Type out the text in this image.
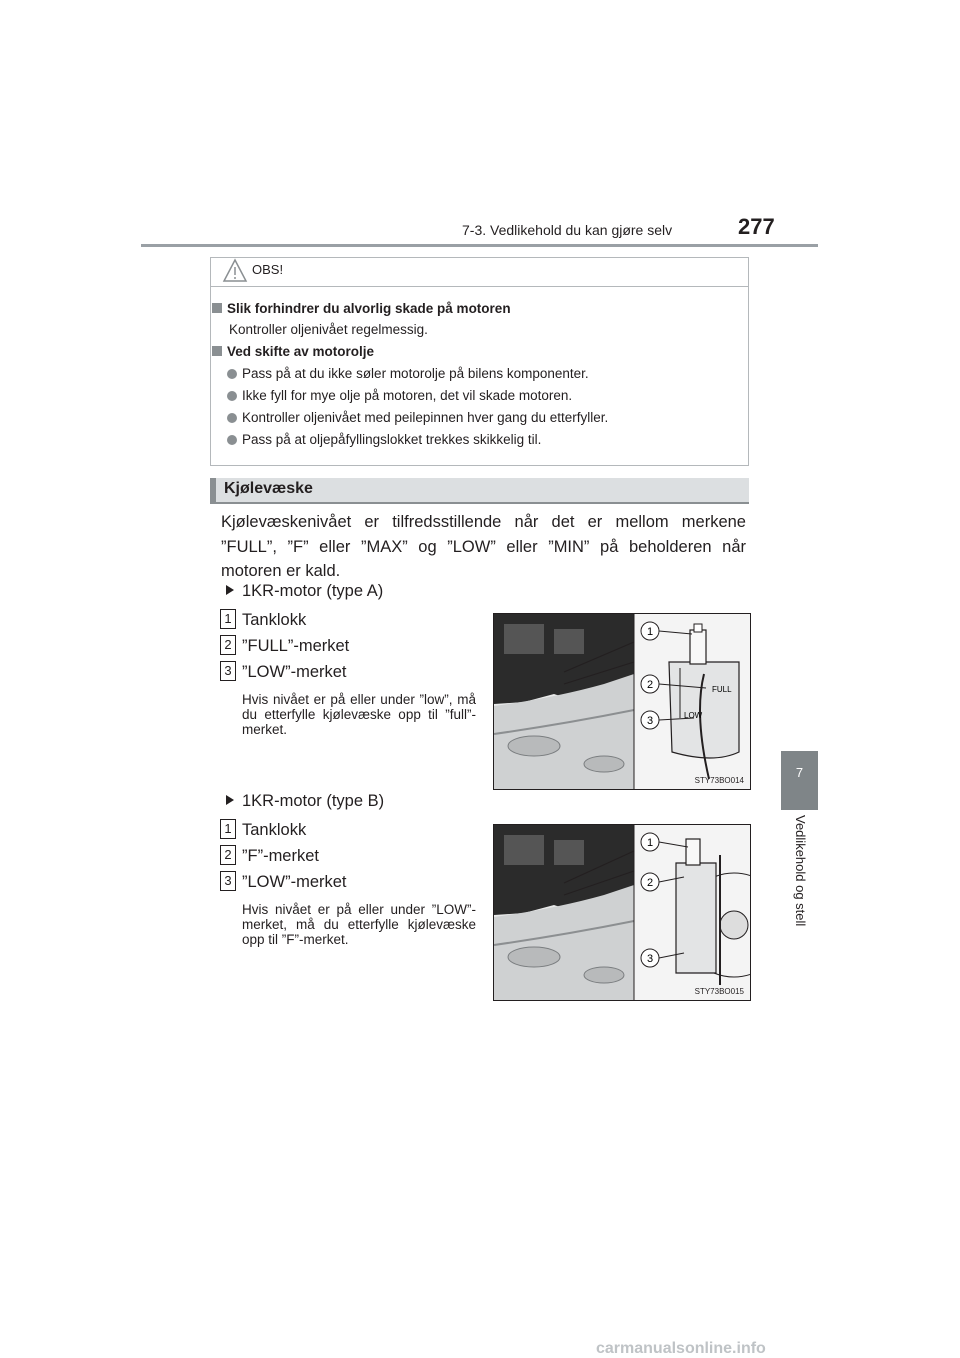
7-3. Vedlikehold du kan gjøre selv	277
7
Vedlikehold og stell
OBS!
Slik forhindrer du alvorlig skade på motoren
Kontroller oljenivået regelmessig.
Ved skifte av motorolje
Pass på at du ikke søler motorolje på bilens komponenter.
Ikke fyll for mye olje på motoren, det vil skade motoren.
Kontroller oljenivået med peilepinnen hver gang du etterfyller.
Pass på at oljepåfyllingslokket trekkes skikkelig til.
Kjølevæske
Kjølevæskenivået er tilfredsstillende når det er mellom merkene ”FULL”, ”F” eller ”MAX” og ”LOW” eller ”MIN” på beholderen når motoren er kald.
1KR-motor (type A)
1 Tanklokk
2 ”FULL”-merket
3 ”LOW”-merket
Hvis nivået er på eller under ”low”, må du etterfylle kjølevæske opp til ”full”-merket.
1
2
3
FULL
LOW
STY73BO014
1KR-motor (type B)
1 Tanklokk
2 ”F”-merket
3 ”LOW”-merket
Hvis nivået er på eller under ”LOW”-merket, må du etterfylle kjølevæske opp til ”F”-merket.
1
2
3
STY73BO015
carmanualsonline.info
